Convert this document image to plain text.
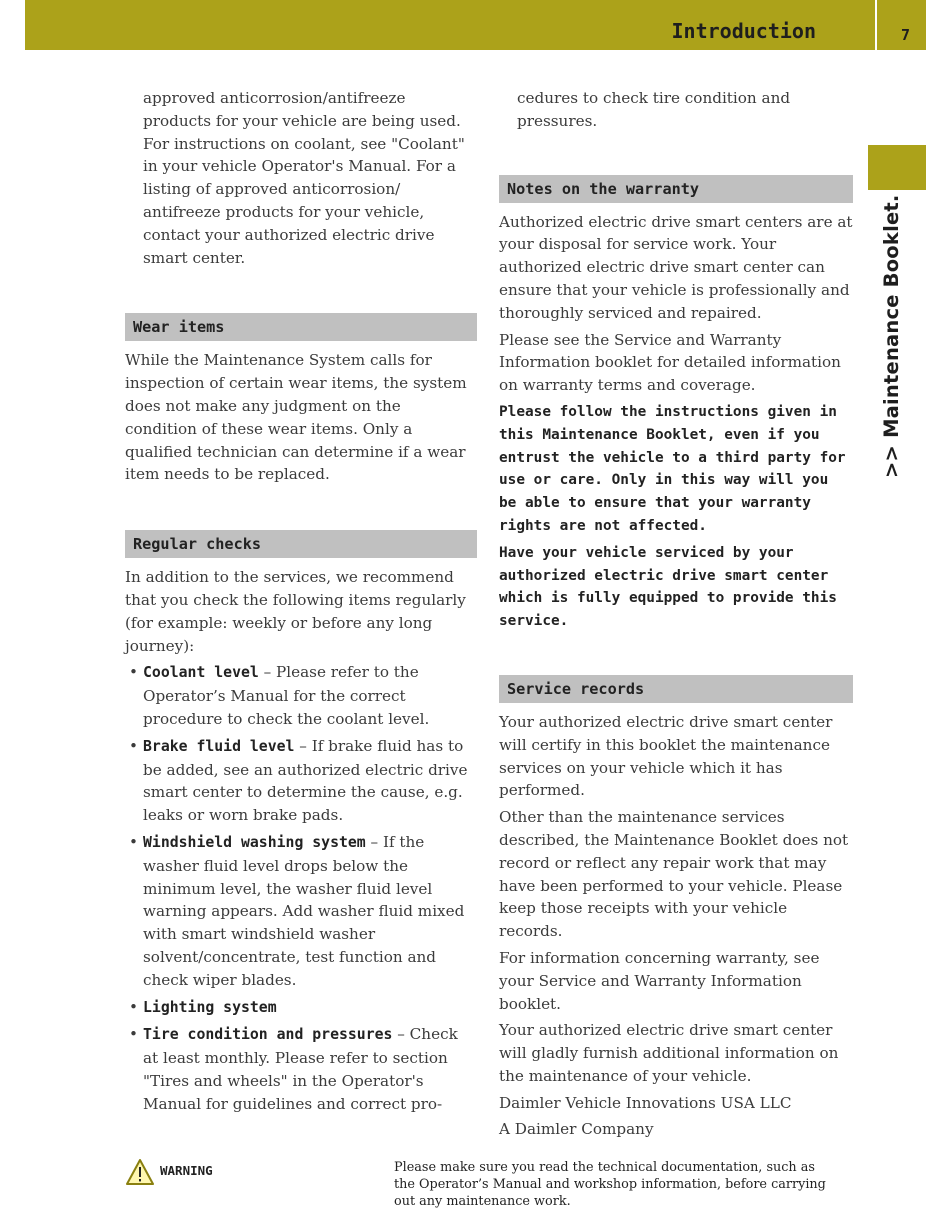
Introduction	7
>> Maintenance Booklet.

approved anticorrosion/antifreeze products for your vehicle are being used. For instructions on coolant, see "Coolant" in your vehicle Operator's Manual. For a listing of approved anticorrosion/ antifreeze products for your vehicle, contact your authorized electric drive smart center.

Wear items

While the Maintenance System calls for inspection of certain wear items, the system does not make any judgment on the condition of these wear items. Only a qualified technician can determine if a wear item needs to be replaced.

Regular checks

In addition to the services, we recommend that you check the following items regularly (for example: weekly or before any long journey):

• Coolant level – Please refer to the Operator’s Manual for the correct procedure to check the coolant level.
• Brake fluid level – If brake fluid has to be added, see an authorized electric drive smart center to determine the cause, e.g. leaks or worn brake pads.
• Windshield washing system – If the washer fluid level drops below the minimum level, the washer fluid level warning appears. Add washer fluid mixed with smart windshield washer solvent/concentrate, test function and check wiper blades.
• Lighting system
• Tire condition and pressures – Check at least monthly. Please refer to section "Tires and wheels" in the Operator's Manual for guidelines and correct pro-

cedures to check tire condition and pressures.

Notes on the warranty

Authorized electric drive smart centers are at your disposal for service work. Your authorized electric drive smart center can ensure that your vehicle is professionally and thoroughly serviced and repaired.

Please see the Service and Warranty Information booklet for detailed information on warranty terms and coverage.

Please follow the instructions given in this Maintenance Booklet, even if you entrust the vehicle to a third party for use or care. Only in this way will you be able to ensure that your warranty rights are not affected.

Have your vehicle serviced by your authorized electric drive smart center which is fully equipped to provide this service.

Service records

Your authorized electric drive smart center will certify in this booklet the maintenance services on your vehicle which it has performed.

Other than the maintenance services described, the Maintenance Booklet does not record or reflect any repair work that may have been performed to your vehicle. Please keep those receipts with your vehicle records.

For information concerning warranty, see your Service and Warranty Information booklet.

Your authorized electric drive smart center will gladly furnish additional information on the maintenance of your vehicle.

Daimler Vehicle Innovations USA LLC

A Daimler Company

WARNING	Please make sure you read the technical documentation, such as the Operator’s Manual and workshop information, before carrying out any maintenance work.
